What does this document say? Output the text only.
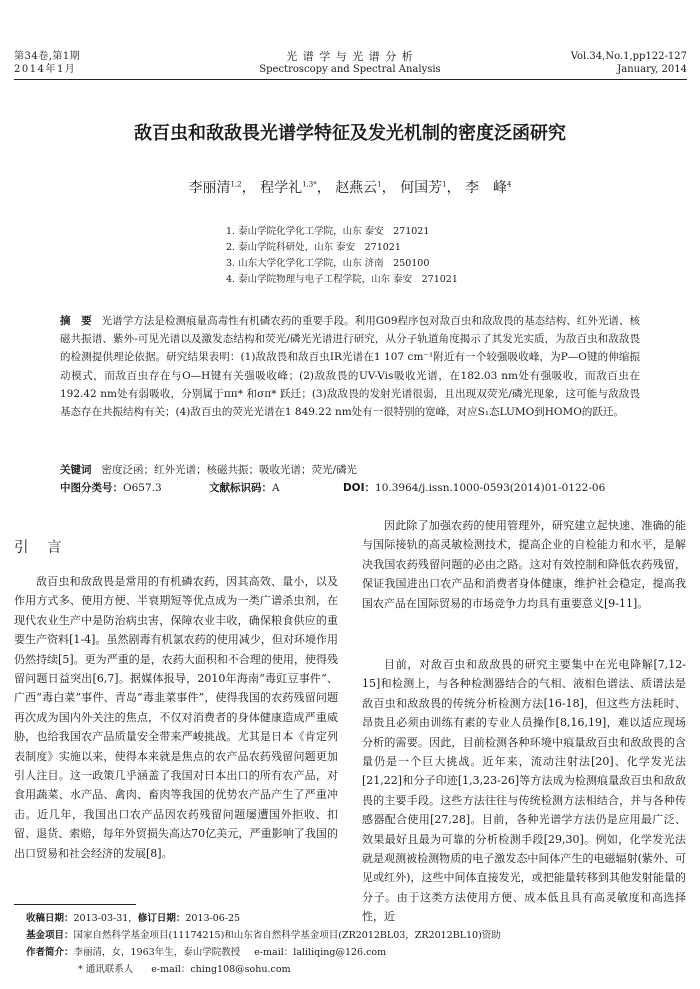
第34卷,第1期
2014年1月
光 谱 学 与 光 谱 分 析
Spectroscopy and Spectral Analysis
Vol.34,No.1,pp122-127
January, 2014
敌百虫和敌敌畏光谱学特征及发光机制的密度泛函研究
李丽清$^{1,2}$， 程学礼$^{1,3*}$， 赵燕云$^1$， 何国芳$^1$， 李　峰$^4$
1. 泰山学院化学化工学院，山东 泰安　271021
2. 泰山学院科研处，山东 泰安　271021
3. 山东大学化学化工学院，山东 济南　250100
4. 泰山学院物理与电子工程学院，山东 泰安　271021
摘　要 光谱学方法是检测痕量高毒性有机磷农药的重要手段。利用G09程序包对敌百虫和敌敌畏的基态结构、红外光谱、核磁共振谱、紫外-可见光谱以及激发态结构和荧光/磷光光谱进行研究，从分子轨道角度揭示了其发光实质，为敌百虫和敌敌畏的检测提供理论依据。研究结果表明：(1)敌敌畏和敌百虫IR光谱在1 107 cm⁻¹附近有一个较强吸收峰，为P—O键的伸缩振动模式，而敌百虫存在与O—H键有关强吸收峰；(2)敌敌畏的UV-Vis吸收光谱，在182.03 nm处有强吸收，而敌百虫在192.42 nm处有弱吸收，分别属于ππ* 和σπ* 跃迁；(3)敌敌畏的发射光谱很弱，且出现双荧光/磷光现象，这可能与敌敌畏基态存在共振结构有关；(4)敌百虫的荧光光谱在1 849.22 nm处有一很特别的宽峰，对应S₁态LUMO到HOMO的跃迁。
关键词 密度泛函；红外光谱；核磁共振；吸收光谱；荧光/磷光
中图分类号：O657.3	文献标识码：A	DOI：10.3964/j.issn.1000-0593(2014)01-0122-06
引　言
敌百虫和敌敌畏是常用的有机磷农药，因其高效、量小，以及作用方式多、使用方便、半衰期短等优点成为一类广谱杀虫剂，在现代农业生产中是防治病虫害，保障农业丰收，确保粮食供应的重要生产资料[1-4]。虽然剧毒有机氯农药的使用减少，但对环境作用仍然持续[5]。更为严重的是，农药大面积和不合理的使用，使得残留问题日益突出[6,7]。据媒体报导，2010年海南“毒豇豆事件”、广西“毒白菜”事件、青岛“毒韭菜事件”，使得我国的农药残留问题再次成为国内外关注的焦点，不仅对消费者的身体健康造成严重威胁，也给我国农产品质量安全带来严峻挑战。尤其是日本《肯定列表制度》实施以来，使得本来就是焦点的农产品农药残留问题更加引人注目。这一政策几乎涵盖了我国对日本出口的所有农产品，对食用蔬菜、水产品、禽肉、畜肉等我国的优势农产品产生了严重冲击。近几年，我国出口农产品因农药残留问题屡遭国外拒收、扣留、退货、索赔，每年外贸损失高达70亿美元，严重影响了我国的出口贸易和社会经济的发展[8]。
因此除了加强农药的使用管理外，研究建立起快速、准确的能与国际接轨的高灵敏检测技术，提高企业的自检能力和水平，是解决我国农药残留问题的必由之路。这对有效控制和降低农药残留，保证我国进出口农产品和消费者身体健康，维护社会稳定，提高我国农产品在国际贸易的市场竞争力均具有重要意义[9-11]。
目前，对敌百虫和敌敌畏的研究主要集中在光电降解[7,12-15]和检测上，与各种检测器结合的气相、液相色谱法、质谱法是敌百虫和敌敌畏的传统分析检测方法[16-18]，但这些方法耗时、昂贵且必须由训练有素的专业人员操作[8,16,19]，难以适应现场分析的需要。因此，目前检测各种环境中痕量敌百虫和敌敌畏的含量仍是一个巨大挑战。近年来，流动注射法[20]、化学发光法[21,22]和分子印迹[1,3,23-26]等方法成为检测痕量敌百虫和敌敌畏的主要手段。这些方法往往与传统检测方法相结合，并与各种传感器配合使用[27,28]。目前，各种光谱学方法仍是应用最广泛、效果最好且最为可靠的分析检测手段[29,30]。例如，化学发光法就是观测被检测物质的电子激发态中间体产生的电磁辐射(紫外、可见或红外)，这些中间体直接发光，或把能量转移到其他发射能量的分子。由于这类方法使用方便、成本低且具有高灵敏度和高选择性，近
收稿日期：2013-03-31，修订日期：2013-06-25
基金项目：国家自然科学基金项目(11174215)和山东省自然科学基金项目(ZR2012BL03，ZR2012BL10)资助
作者简介：李丽清，女，1963年生，泰山学院教授 e-mail：laliliqing@126.com
* 通讯联系人 e-mail：ching108@sohu.com
